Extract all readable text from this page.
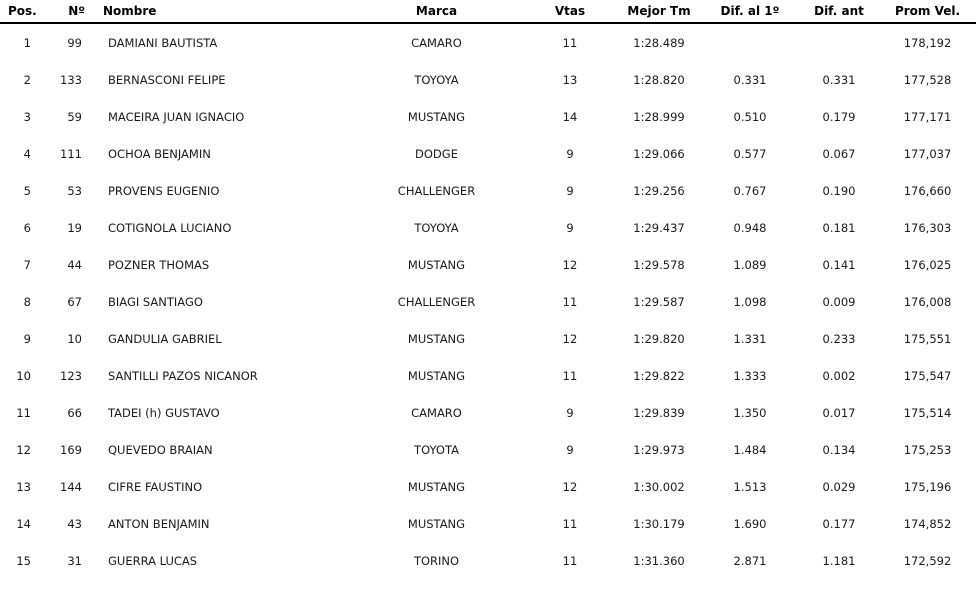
Pos.	Nº	Nombre	Marca	Vtas	Mejor Tm	Dif. al 1º	Dif. ant	Prom Vel.
1	99	DAMIANI BAUTISTA	CAMARO	11	1:28.489			178,192
2	133	BERNASCONI FELIPE	TOYOYA	13	1:28.820	0.331	0.331	177,528
3	59	MACEIRA JUAN IGNACIO	MUSTANG	14	1:28.999	0.510	0.179	177,171
4	111	OCHOA BENJAMIN	DODGE	9	1:29.066	0.577	0.067	177,037
5	53	PROVENS EUGENIO	CHALLENGER	9	1:29.256	0.767	0.190	176,660
6	19	COTIGNOLA LUCIANO	TOYOYA	9	1:29.437	0.948	0.181	176,303
7	44	POZNER THOMAS	MUSTANG	12	1:29.578	1.089	0.141	176,025
8	67	BIAGI SANTIAGO	CHALLENGER	11	1:29.587	1.098	0.009	176,008
9	10	GANDULIA GABRIEL	MUSTANG	12	1:29.820	1.331	0.233	175,551
10	123	SANTILLI PAZOS NICANOR	MUSTANG	11	1:29.822	1.333	0.002	175,547
11	66	TADEI (h) GUSTAVO	CAMARO	9	1:29.839	1.350	0.017	175,514
12	169	QUEVEDO BRAIAN	TOYOTA	9	1:29.973	1.484	0.134	175,253
13	144	CIFRE FAUSTINO	MUSTANG	12	1:30.002	1.513	0.029	175,196
14	43	ANTON BENJAMIN	MUSTANG	11	1:30.179	1.690	0.177	174,852
15	31	GUERRA LUCAS	TORINO	11	1:31.360	2.871	1.181	172,592
